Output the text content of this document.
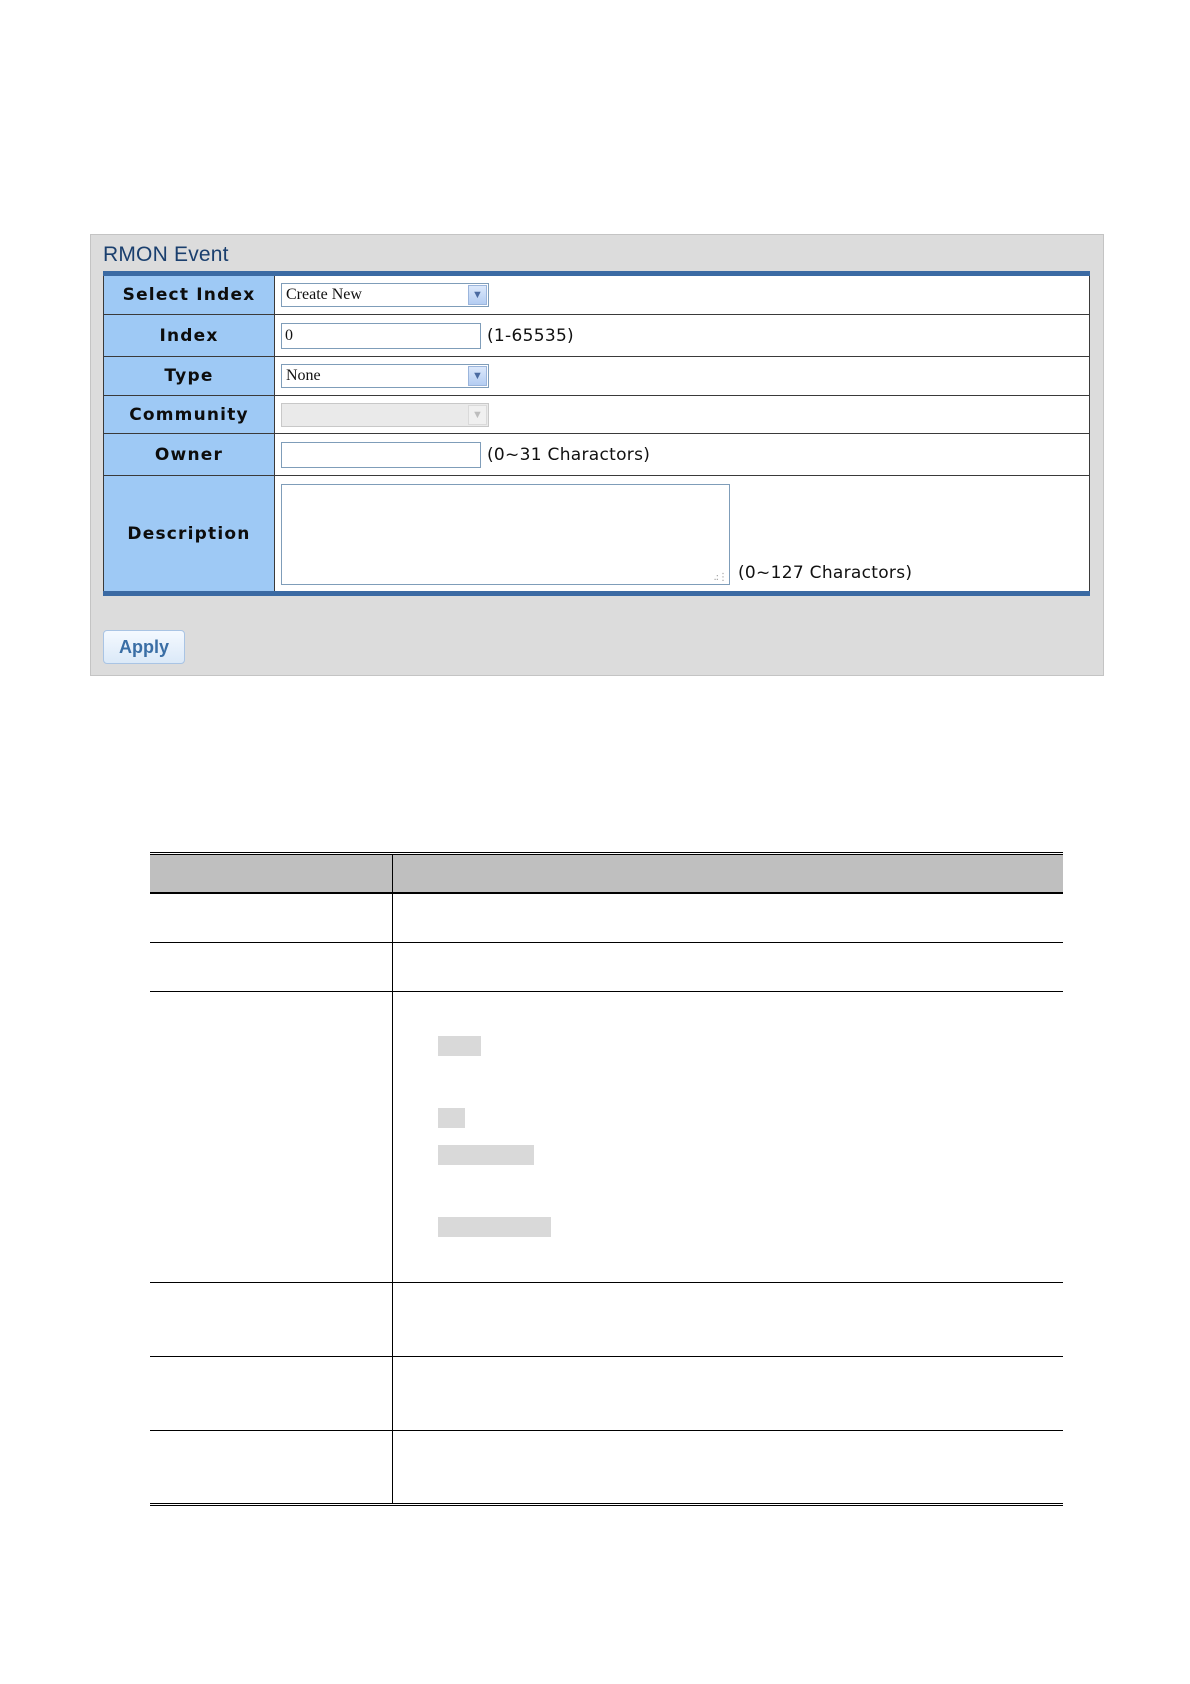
RMON Event
Select Index	Create New ▼

Index	0 (1-65535)
Type	None ▼

Community	▼

Owner	(0~31 Charactors)
Description	.:⋮ (0~127 Charactors)
Apply
